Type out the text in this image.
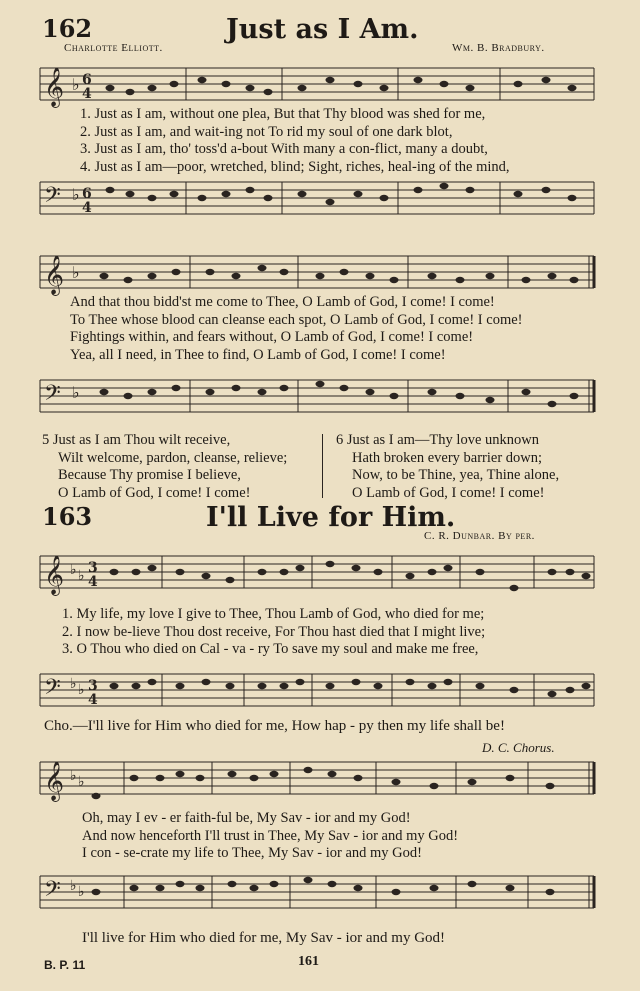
162	Just as I Am.
Charlotte Elliott.	Wm. B. Bradbury.
𝄞 ♭ 6
4
1. Just as I am, without one plea, But that Thy blood was shed for me,
2. Just as I am, and wait-ing not To rid my soul of one dark blot,
3. Just as I am, tho' toss'd a-bout With many a con-flict, many a doubt,
4. Just as I am—poor, wretched, blind; Sight, riches, heal-ing of the mind,
𝄢 ♭ 6
4
𝄞 ♭
And that thou bidd'st me come to Thee, O Lamb of God, I come! I come!
To Thee whose blood can cleanse each spot, O Lamb of God, I come! I come!
Fightings within, and fears without, O Lamb of God, I come! I come!
Yea, all I need, in Thee to find, O Lamb of God, I come! I come!
𝄢 ♭
5 Just as I am Thou wilt receive,
Wilt welcome, pardon, cleanse, relieve;
Because Thy promise I believe,
O Lamb of God, I come! I come!
6 Just as I am—Thy love unknown
Hath broken every barrier down;
Now, to be Thine, yea, Thine alone,
O Lamb of God, I come! I come!
163	I'll Live for Him.
C. R. Dunbar. By per.
𝄞 ♭ ♭ 3
4
1. My life, my love I give to Thee, Thou Lamb of God, who died for me;
2. I now be-lieve Thou dost receive, For Thou hast died that I might live;
3. O Thou who died on Cal - va - ry To save my soul and make me free,
𝄢 ♭ ♭ 3
4
Cho.—I'll live for Him who died for me, How hap - py then my life shall be!
D. C. Chorus.
𝄞 ♭ ♭
Oh, may I ev - er faith-ful be, My Sav - ior and my God!
And now henceforth I'll trust in Thee, My Sav - ior and my God!
I con - se-crate my life to Thee, My Sav - ior and my God!
𝄢 ♭ ♭
I'll live for Him who died for me, My Sav - ior and my God!
B. P. 11	161
